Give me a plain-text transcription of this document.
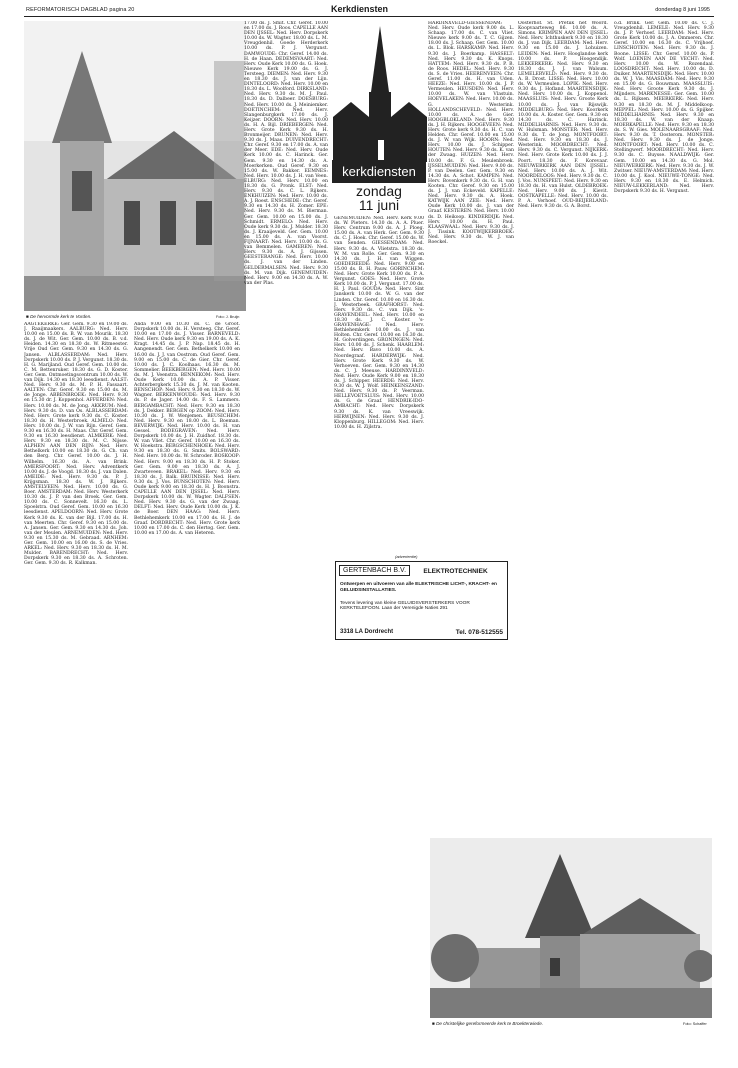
REFORMATORISCH DAGBLAD pagina 20	Kerkdiensten	donderdag 8 juni 1995
■ De hervormde kerk te Vorden.	Foto: J. Bruijn
AAGTEKERKE: Ger. Gem. 9.30 en 19.00 ds. J. Raaijmaakers. AALBURG: Ned. Herv. 10.00 en 15.00 ds. B. W. van Mourik. 18.30 ds. J. de Wit. Ger. Gem. 10.00 ds. B. v.d. Heiden. 14.30 en 18.30 ds. W. Ritmeester. Vrije Oud Ger. Gem. 9.30 en 14.30 ds. G. Jansen. ALBLASSERDAM: Ned. Herv. Dorpskerk 10.00 ds. P. J. Vergunst. 18.30 ds. H. G. Marijland. Oud Geref. Gem. 10.00 ds. C. M. Bettenruker. 18.30 ds. G. D. Koster. Ger. Gem. Ontmoetingscentrum 10.00 ds. W. van Dijk. 14.30 en 18.30 leesdienst. AALST: Ned. Herv. 9.30 ds. M. P. H. Fassaart. AALTEN: Chr. Geref. 9.30 en 15.00 ds. M. de Jonge. ABBENBROEK: Ned. Herv. 9.30 en 15.30 dr. J. Koppenhol. AFFERDEN: Ned. Herv. 10.00 ds. M. de Jong. AKKRUM: Ned. Herv. 9.30 ds. D. van Os. ALBLASSERDAM: Ned. Herv. Grote kerk 9.30 ds. C. Koster. 18.30 ds. H. Westerbroek. ALMELO: Ned. Herv. 10.00 ds. J. W. van Rijn. Geref. Gem. 9.30 en 16.30 ds. H. Maas. Chr. Geref. Gem. 9.30 en 16.30 leesdienst. ALMKERK: Ned. Herv. 9.30 en 18.30 ds. M. C. Nijsse. ALPHEN AAN DEN RIJN: Ned. Herv. Bethelkerk 10.00 en 18.30 ds. G. Ch. van den Berg. Chr. Geref. 10.00 ds. J. H. Wilhelm. 16.30 ds. A. van Brink. AMERSFOORT: Ned. Herv. Adventkerk 10.00 ds. J. de Voogd. 18.30 ds. J. van Dalen. AMEIDE: Ned. Herv. 9.30 ds. P. J. Krijgsman. 18.30 ds. W. J. Rijkers. AMSTELVEEN: Ned. Herv. 10.00 ds. G. Boer. AMSTERDAM: Ned. Herv. Westerkerk 10.30 ds. J. P. van den Broek. Ger. Gem. 10.00 ds. C. Sonnevelt. 16.30 ds. L. Spoelstra. Oud Geref. Gem. 10.00 en 16.30 leesdienst. APELDOORN: Ned. Herv. Grote Kerk 9.30 ds. K. van der Bijl. 17.00 ds. H. van Meerten. Chr. Geref. 9.30 en 15.00 ds. A. Jansen. Ger. Gem. 9.30 en 14.30 ds. Joh. van der Meulen. ARNEMUIDEN: Ned. Herv. 9.30 en 15.30 ds. M. Gebraad. ARNHEM: Ger. Gem. 10.00 en 16.00 ds. S. de Vries. ARKEL: Ned. Herv. 9.30 en 18.30 ds. H. M. Mulder. BARENDRECHT: Ned. Herv. Dorpskerk 9.30 en 18.30 ds. A. Schroten. Ger. Gem. 9.30 ds. R. Kalkman.
Alida 9.00 en 10.30 ds. C. de Groot. Dorpskerk 10.00 ds. H. Versteeg. Chr. Geref. 10.00 en 17.00 ds. J. Visser. BARNEVELD: Ned. Herv. Oude kerk 9.30 en 19.00 ds. A. K. Kragt. 14.45 ds. J. P. Nap. 18.45 ds. H. Aangenendt. Ger. Gem. Bethelkerk 10.00 en 16.00 ds. J. J. van Oostrom. Oud Geref. Gem. 9.00 en 15.00 ds. C. de Gier. Chr. Geref. 10.00 ds. J. C. Koolhaas. 16.30 ds. M. Sommelier. BEEKBERGEN: Ned. Herv. 10.00 ds. M. J. Veenstra. BENNEKOM: Ned. Herv. Oude Kerk 10.00 ds. A. P. Visser. Achterbergkerk 15.30 ds. J. M. van Kooten. BENSCHOP: Ned. Herv. 9.30 en 18.30 ds. W. Wagner. BERKENWOUDE: Ned. Herv. 9.30 ds. P. de Jager. 14.00 ds. F. S. Lammers. BERGAMBACHT: Ned. Herv. 9.30 en 18.30 ds. J. Dekker. BERGEN op ZOOM: Ned. Herv. 10.30 ds. J. W. Wenjemen. BEUSICHEM: Ned. Herv. 9.30 en 18.00 ds. L. Boeman. BEVERWIJK: Ned. Herv. 10.00 ds. H. van Gessel. BODEGRAVEN: Ned. Herv. Dorpskerk 10.00 ds. J. H. Zuidhof. 18.30 ds. W. van Vliet. Chr. Geref. 10.00 en 16.30 ds. W. Hoekstra. BERGSCHENHOEK: Ned. Herv. 9.30 en 18.30 ds. G. Smits. BOLSWARD: Ned. Herv. 10.00 ds. W. Schroder. BOSKOOP: Ned. Herv. 9.00 en 18.30 ds. H. P. Stoker. Ger. Gem. 9.00 en 18.30 ds. A. J. Zwarteveen. BRAKEL: Ned. Herv. 9.30 en 18.30 ds. J. Balk. BRUINISSE: Ned. Herv. 9.30 ds. J. Vos. BUNSCHOTEN: Ned. Herv. Oude kerk 9.00 en 18.30 ds. H. J. Boonstra. CAPELLE AAN DEN IJSSEL: Ned. Herv. Dorpskerk 10.00 ds. W. Wagter. DALFSEN: Ned. Herv. 9.30 ds. G. van der Zwaag. DELFT: Ned. Herv. Oude Kerk 10.00 ds. J. K. de Boer. DEN HAAG: Ned. Herv. Bethlehemkerk 10.00 en 17.00 ds. H. J. de Graaf. DORDRECHT: Ned. Herv. Grote kerk 10.00 en 17.00 ds. C. den Hertog. Ger. Gem. 10.00 en 17.00 ds. A. van Heteren.
17.00 ds. J. Smit. Chr. Geref. 10.00 en 17.00 ds. J. Roos. CAPELLE AAN DEN IJSSEL: Ned. Herv. Dorpskerk 10.00 ds. W. Wagter. 18.00 ds. L. M. Vreugdenhil. Goede Herderkerk 10.00 ds. P. J. Vergunst. DAMWOUDE: Chr. Geref. 14.00 ds. H. de Haan. DEDEMSVAART: Ned. Herv. Oude Kerk 10.00 ds. G. Hoek. Nieuwe Kerk 19.00 ds. G. J. Tersteeg. DIEMEN: Ned. Herv. 9.30 en 18.30 ds. J. van der Lijn. DINTELOORD: Ned. Herv. 10.00 en 18.30 ds. L. Woolford. DIRKSLAND: Ned. Herv. 9.30 ds. M. J. Paul. 18.30 ds. D. Dalbeer. DOESBURG: Ned. Herv. 10.00 ds. J. Meiniemker. DOETINCHEM: Ned. Herv. Slangenburgkerk 17.00 ds. J. Keijzer. DOORN: Ned. Herv. 10.00 ds. H. A. Bijl. DRIEBERGEN: Ned. Herv. Grote Kerk 9.30 ds. H. Bronmeijer. DRUNEN: Ned. Herv. 9.30 ds. J. Maas. DUIVENDRECHT: Chr. Geref. 9.30 en 17.00 ds. A. van der Meer. EDE: Ned. Herv. Oude Kerk 10.00 ds. C. Harinck. Ger. Gem. 9.30 en 14.30 ds. A. Moerkerken. Oud Geref. 9.30 en 15.00 ds. W. Bakker. EEMNES: Ned. Herv. 10.00 ds. J. H. van Veen. ELBURG: Ned. Herv. 10.00 en 18.30 ds. G. Pronk. ELST: Ned. Herv. 9.30 ds. C. L. Rijkers. ENKHUIZEN: Ned. Herv. 10.00 ds. A. J. Roest. ENSCHEDE: Chr. Geref. 9.30 en 14.30 ds. H. Zomer. EPE: Ned. Herv. 9.30 ds. M. Bierman. Ger. Gem. 10.00 en 15.00 ds. J. Schmidt. ERMELO: Ned. Herv. Oude kerk 9.30 ds. J. Mulder. 18.30 ds. J. Kraaijeveld. Ger. Gem. 10.00 en 15.00 ds. A. van Voorst. FIJNAART: Ned. Herv. 10.00 ds. G. van Bemmelen. GAMEREN: Ned. Herv. 9.30 ds. A. J. Gijssen. GEESTERANGE: Ned. Herv. 10.00 ds. J. van der Linden. GELDERMALSEN: Ned. Herv. 9.30 ds. M. van Dijk. GENEMUIDEN: Ned. Herv. 9.00 en 14.30 ds. A. W. van der Plas.
kerkdiensten
zondag
11 juni
GENEMUIDEN: Ned. Herv. Kerk 9.00 ds. W. Pieters. 14.30 ds. A. A. Pluer. Herv. Centrum 9.00 ds. A. J. Ploeg. 15.00 ds. A. van Herk. Ger. Gem. 9.30 ds. C. J. Hoek. Chr. Geref. 15.00 ds. W. van Senden. GIESSENDAM: Ned. Herv. 9.30 ds. A. Vlietstra. 18.30 ds. W. M. van Rolle. Ger. Gem. 9.30 en 14.30 ds. J. H. van Wiggen. GOEDEREEDE: Ned. Herv. 9.00 en 15.00 ds. B. H. Pauw. GORINCHEM: Ned. Herv. Grote Kerk 10.00 ds. P. A. Vergunst. GOES: Ned. Herv. Grote Kerk 10.00 ds. P. J. Vergunst. 17.00 ds. H. J. Paul. GOUDA: Ned. Herv. Sint Janskerk 10.00 ds. W. G. van der Linden. Chr. Geref. 10.00 en 16.30 ds. J. Westerbeek. GRAFHORST: Ned. Herv. 9.30 ds. C. van Dijk. 's-GRAVENDEEL: Ned. Herv. 10.00 en 18.30 ds. J. C. Koster. 's-GRAVENHAGE: Ned. Herv. Bethlehemkerk 10.00 ds. J. van Holten. Chr. Geref. 10.00 en 16.30 ds. M. Golverdingen. GRONINGEN: Ned. Herv. 10.00 ds. J. Schenk. HAARLEM: Ned. Herv. Bavo 10.00 ds. A. Noordegraaf. HARDERWIJK: Ned. Herv. Grote Kerk 9.30 ds. W. Verhoeven. Ger. Gem. 9.30 en 14.30 ds. C. J. Meeuse. HARDINXVELD: Ned. Herv. Oude Kerk 9.00 en 18.30 ds. J. Schipper. HEERDE: Ned. Herv. 9.30 ds. W. J. Wolf. HEINKENSZAND: Ned. Herv. 9.30 ds. P. Veerman. HELLEVOETSLUIS: Ned. Herv. 10.00 ds. G. de Graaf. HENDRIK-IDO-AMBACHT: Ned. Herv. Dorpskerk 9.30 ds. K. van Vreeswijk. HERWIJNEN: Ned. Herv. 9.30 ds. J. Kloppenburg. HILLEGOM: Ned. Herv. 10.00 ds. H. Zijlstra.
HARDINXVELD-GIESSENDAM: Ned. Herv. Oude kerk 9.00 ds. L. Schaap. 17.00 ds. C. van Vliet. Nieuwe kerk 9.00 ds. T. C. Gijzen. 18.00 ds. J. Schaap. Ger. Gem. 10.00 ds. L. Blok. HARSKAMP: Ned. Herv. 9.30 ds. J. Boerkamp. HASSELT: Ned. Herv. 9.30 ds. K. Knops. HATTEM: Ned. Herv. 9.30 ds. P. B. de Roos. HEDEL: Ned. Herv. 9.30 ds. S. de Vries. HEERENVEEN: Chr. Geref. 11.00 ds. H. van Uden. HEEZE: Ned. Herv. 10.00 ds. J. P. Vermeulen. HEUSDEN: Ned. Herv. 10.00 ds. W. van Vlastuin. HOEVELAKEN: Ned. Herv. 10.00 ds. G. Westerink. HOLLANDSCHEVELD: Ned. Herv. 10.00 ds. A. de Gier. HOOGBLOKLAND: Ned. Herv. 9.30 ds. J. H. Rijkers. HOOGEVEEN: Ned. Herv. Grote kerk 9.30 ds. H. C. van Helden. Chr. Geref. 10.00 en 15.00 ds. J. W. van Wijk. HOORN: Ned. Herv. 10.00 ds. J. Schipper. HOUTEN: Ned. Herv. 9.30 ds. K. van der Zwaag. HUIZEN: Ned. Herv. 10.00 ds. F. G. Meulenbroek. IJSSELMUIDEN: Ned. Herv. 9.00 ds. P. van Deelen. Ger. Gem. 9.30 en 14.30 ds. A. Schot. KAMPEN: Ned. Herv. Bovenkerk 9.30 ds. G. H. van Kooten. Chr. Geref. 9.30 en 15.00 ds. J. J. van Eckeveld. KAPELLE: Ned. Herv. 9.30 ds. A. Hoek. KATWIJK AAN ZEE: Ned. Herv. Oude Kerk 10.00 ds. J. van der Graaf. KESTEREN: Ned. Herv. 10.00 ds. D. Heikoop. KINDERDIJK: Ned. Herv. 10.00 ds. H. Paul. KLAASWAAL: Ned. Herv. 9.30 ds. J. J. Tissink. KOOTWIJKERBROEK: Ned. Herv. 9.30 ds. W. J. van Roeckel.
Oosterhof. St. Pretiik het Woord. Koopvaarteweg 86. 10.00 ds. A. Simons. KRIMPEN AAN DEN IJSSEL: Ned. Herv. Ichthuskerk 9.30 en 18.30 ds. J. van Dijk. LEERDAM: Ned. Herv. 9.30 en 15.00 ds. J. Lohuizen. LEIDEN: Ned. Herv. Hooglandse kerk 10.00 ds. P. Hoogendijk. LEKKERKERK: Ned. Herv. 9.30 en 18.30 ds. J. J. van Walsum. LEMELERVELD: Ned. Herv. 9.30 ds. A. B. Drost. LISSE: Ned. Herv. 10.00 ds. W. Vermeulen. LOPIK: Ned. Herv. 9.30 ds. J. Hofland. MAARTENSDIJK: Ned. Herv. 10.00 ds. J. Koppenol. MAASSLUIS: Ned. Herv. Groote Kerk 10.00 ds. J. van Rijswijk. MIDDELBURG: Ned. Herv. Koorkerk 10.00 ds. A. Koster. Ger. Gem. 9.30 en 14.30 ds. C. Harinck. MIDDELHARNIS: Ned. Herv. 9.30 ds. W. Hulsman. MONSTER: Ned. Herv. 9.30 ds. T. de Jong. MONTFOORT: Ned. Herv. 9.30 en 18.30 ds. J. Westerink. MOORDRECHT: Ned. Herv. 9.30 ds. C. Vergunst. NIJKERK: Ned. Herv. Grote Kerk 10.00 ds. J. J. Poort. 18.30 ds. F. Korevaar. NIEUWERKERK AAN DEN IJSSEL: Ned. Herv. 10.00 ds. A. J. Wit. NOORDELOOS: Ned. Herv. 9.30 ds. C. J. Vos. NUNSPEET: Ned. Herv. 9.30 en 18.30 ds. H. van Hulst. OLDEBROEK: Ned. Herv. 9.00 ds. J. Kievit. OOSTKAPELLE: Ned. Herv. 10.00 ds. P. A. Verhoef. OUD-BEIJERLAND: Ned. Herv. 9.30 ds. G. A. Borst.
o.d. Brink. Ger. Gem. 10.00 ds. C. J. Vreugdenhil. LEMELE: Ned. Herv. 9.30 ds. J. P. Verhoef. LEERDAM: Ned. Herv. Grote Kerk 10.00 ds. J. A. Ommeren. Chr. Geref. 10.00 en 16.30 ds. C. Vrijhoef. LINSCHOTEN: Ned. Herv. 9.30 ds. J. Boone. LISSE: Chr. Geref. 10.00 ds. P. Wolf. LOENEN AAN DE VECHT: Ned. Herv. 10.00 ds. W. Rozendaal. LOOSDRECHT: Ned. Herv. 10.00 ds. D. Duiker. MAARTENSDIJK: Ned. Herv. 10.00 ds. W. J. Vis. MAASDAM: Ned. Herv. 9.30 en 15.00 ds. G. Bouwman. MAASSLUIS: Ned. Herv. Groote Kerk 9.30 ds. J. Mijnders. MARKNESSE: Ger. Gem. 10.00 ds. L. Rijksen. MEERKERK: Ned. Herv. 9.30 en 18.30 ds. M. J. Middelkoop. MEPPEL: Ned. Herv. 10.00 ds. G. Spijker. MIDDELHARNIS: Ned. Herv. 9.30 en 18.30 ds. W. van der Knaap. MOERKAPELLE: Ned. Herv. 9.30 en 18.30 ds. S. W. Gies. MOLENAARSGRAAF: Ned. Herv. 9.30 ds. T. Oosterom. MONSTER: Ned. Herv. 9.30 ds. J. de Jonge. MONTFOORT: Ned. Herv. 10.00 ds. C. Stellingwerf. MOORDRECHT: Ned. Herv. 9.30 ds. C. Buysse. NAALDWIJK: Ger. Gem. 10.00 en 14.30 ds. G. Mol. NIEUWERKERK: Ned. Herv. 9.30 ds. J. W. Zwitser. NIEUW-AMSTERDAM: Ned. Herv. 10.00 ds. J. Kool. NIEUWE-TONGE: Ned. Herv. 9.30 en 18.30 ds. E. Helmich. NIEUW-LEKKERLAND: Ned. Herv. Dorpskerk 9.30 ds. H. Vergunst.
(advertentie)
GERTENBACH B.V.	ELEKTROTECHNIEK
Ontwerpen en uitvoeren van alle ELEKTRISCHE LICHT-, KRACHT- en GELUIDSINSTALLATIES.
Tevens levering van kleine GELUIDSVERSTERKERS VOOR KERKTELEFOON. Laan der Verenigde Naties 291
3318 LA Dordrecht	Tel. 078-512555
■ De christelijke gereformeerde kerk te Broekterwiede.	Foto: Schaffer
